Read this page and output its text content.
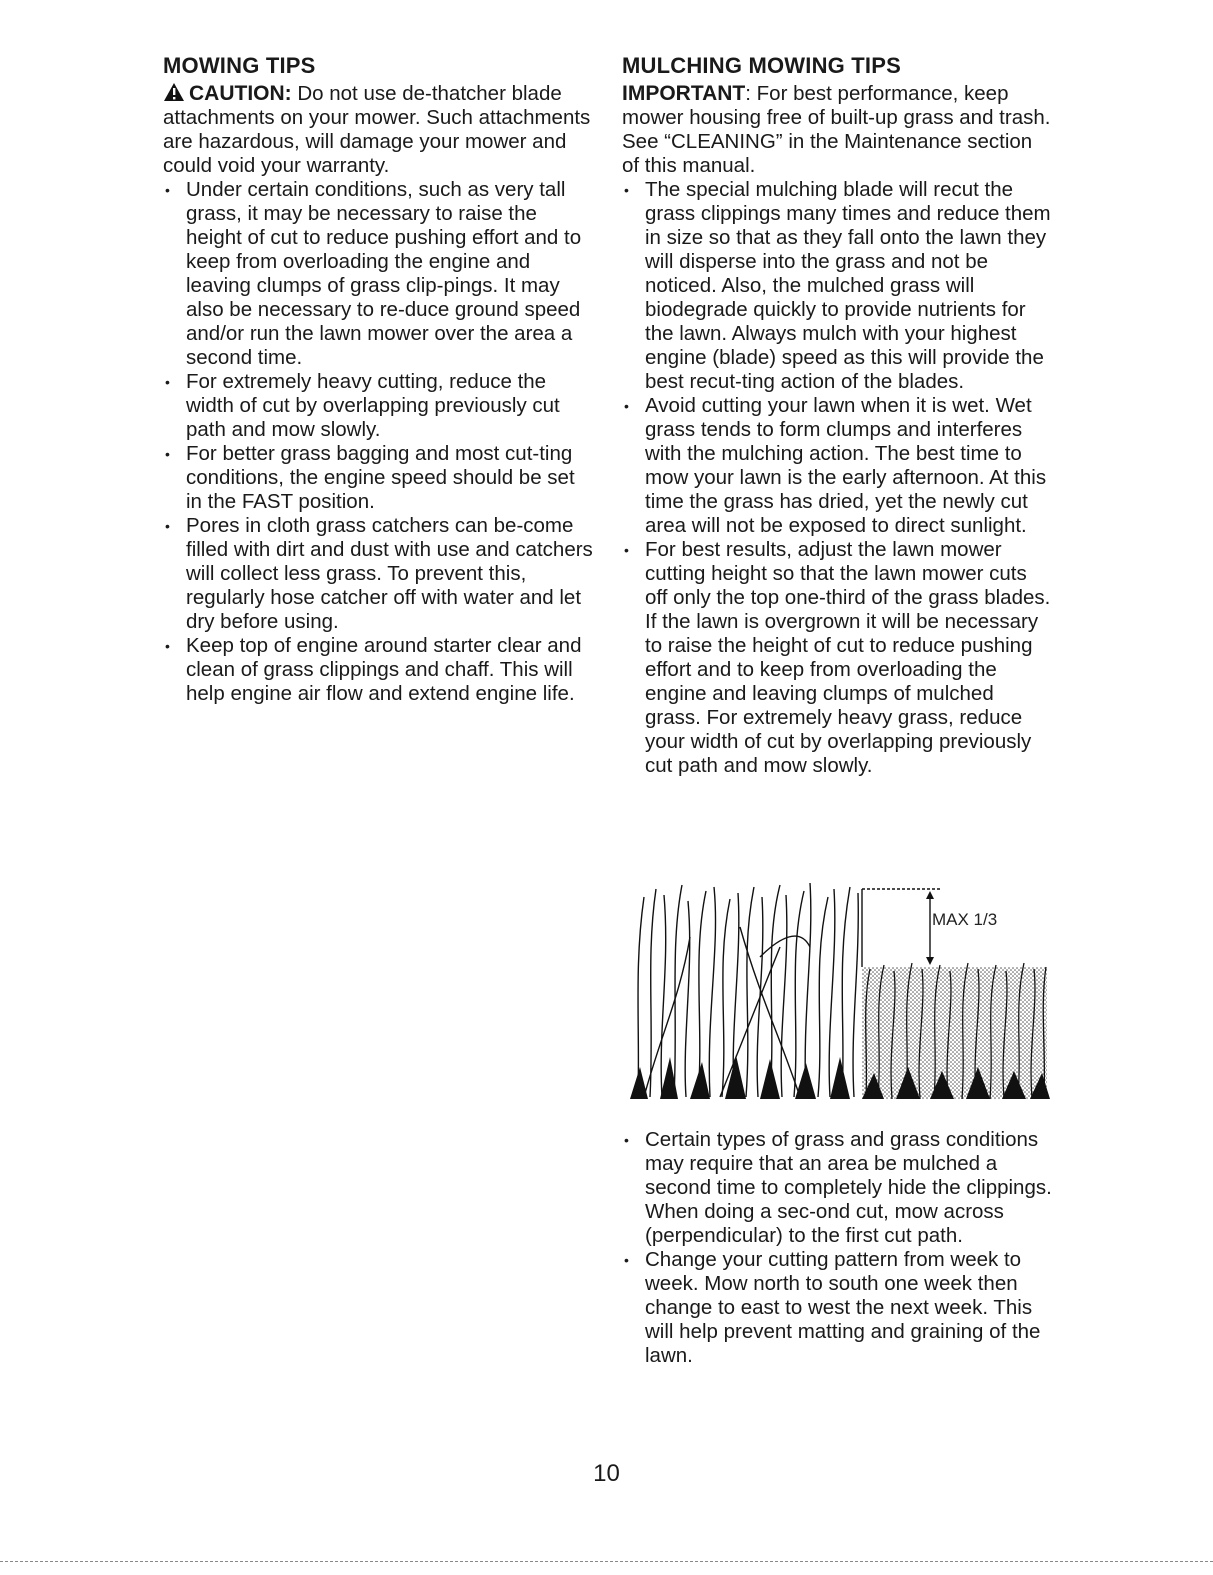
MOWING TIPS

CAUTION: Do not use de-thatcher blade attachments on your mower. Such attachments are hazardous, will damage your mower and could void your warranty.

• Under certain conditions, such as very tall grass, it may be necessary to raise the height of cut to reduce pushing effort and to keep from overloading the engine and leaving clumps of grass clip-pings. It may also be necessary to re-duce ground speed and/or run the lawn mower over the area a second time.
• For extremely heavy cutting, reduce the width of cut by overlapping previously cut path and mow slowly.
• For better grass bagging and most cut-ting conditions, the engine speed should be set in the FAST position.
• Pores in cloth grass catchers can be-come filled with dirt and dust with use and catchers will collect less grass. To prevent this, regularly hose catcher off with water and let dry before using.
• Keep top of engine around starter clear and clean of grass clippings and chaff. This will help engine air flow and extend engine life.
MULCHING MOWING TIPS

IMPORTANT: For best performance, keep mower housing free of built-up grass and trash. See “CLEANING” in the Maintenance section of this manual.

• The special mulching blade will recut the grass clippings many times and reduce them in size so that as they fall onto the lawn they will disperse into the grass and not be noticed. Also, the mulched grass will biodegrade quickly to provide nutrients for the lawn. Always mulch with your highest engine (blade) speed as this will provide the best recut-ting action of the blades.
• Avoid cutting your lawn when it is wet. Wet grass tends to form clumps and interferes with the mulching action. The best time to mow your lawn is the early afternoon. At this time the grass has dried, yet the newly cut area will not be exposed to direct sunlight.
• For best results, adjust the lawn mower cutting height so that the lawn mower cuts off only the top one-third of the grass blades. If the lawn is overgrown it will be necessary to raise the height of cut to reduce pushing effort and to keep from overloading the engine and leaving clumps of mulched grass. For extremely heavy grass, reduce your width of cut by overlapping previously cut path and mow slowly.
MAX 1/3
• Certain types of grass and grass conditions may require that an area be mulched a second time to completely hide the clippings. When doing a sec-ond cut, mow across (perpendicular) to the first cut path.
• Change your cutting pattern from week to week. Mow north to south one week then change to east to west the next week. This will help prevent matting and graining of the lawn.
10
